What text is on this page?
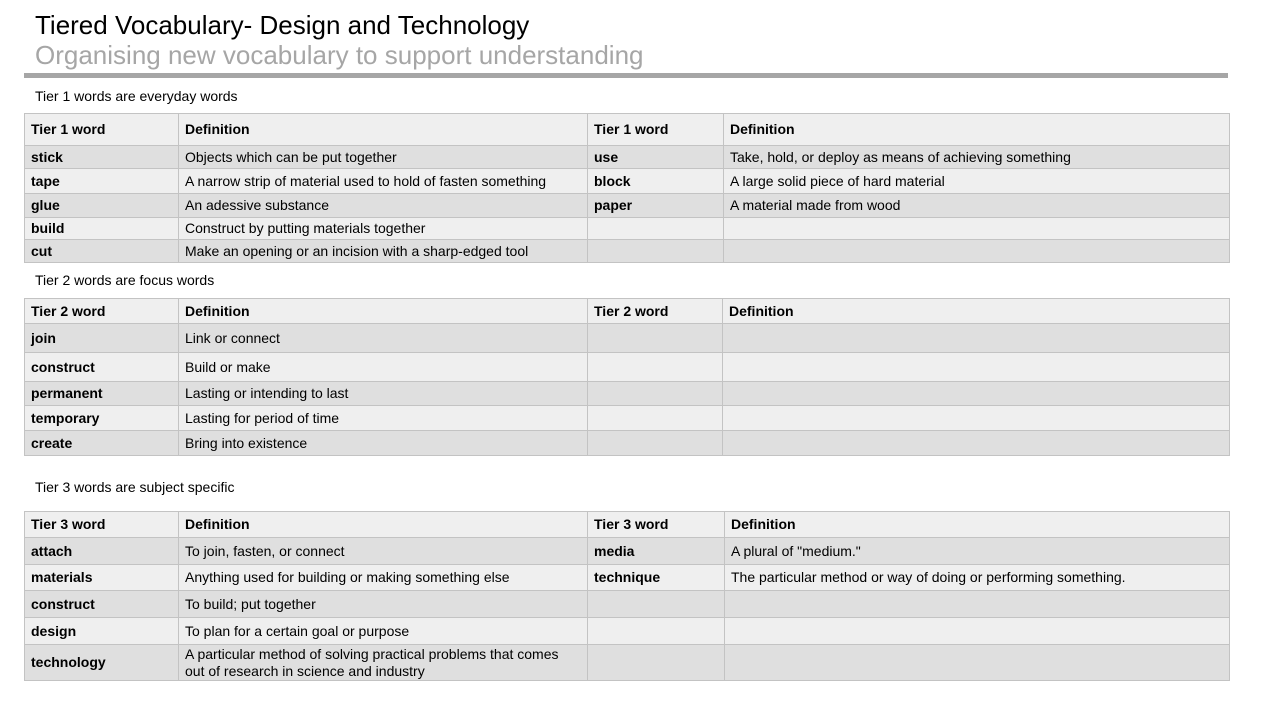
Tiered Vocabulary- Design and Technology
Organising new vocabulary to support understanding
Tier 1 words are everyday words
Tier 1 word	Definition	Tier 1 word	Definition
stick	Objects which can be put together	use	Take, hold, or deploy as means of achieving something
tape	A narrow strip of material used to hold of fasten something	block	A large solid piece of hard material
glue	An adessive substance	paper	A material made from wood
build	Construct by putting materials together		
cut	Make an opening or an incision with a sharp-edged tool		
Tier 2 words are focus words
Tier 2 word	Definition	Tier 2 word	Definition
join	Link or connect		
construct	Build or make		
permanent	Lasting or intending to last		
temporary	Lasting for period of time		
create	Bring into existence		
Tier 3 words are subject specific
Tier 3 word	Definition	Tier 3 word	Definition
attach	To join, fasten, or connect	media	A plural of "medium."
materials	Anything used for building or making something else	technique	The particular method or way of doing or performing something.
construct	To build; put together		
design	To plan for a certain goal or purpose		
technology	A particular method of solving practical problems that comes out of research in science and industry		
